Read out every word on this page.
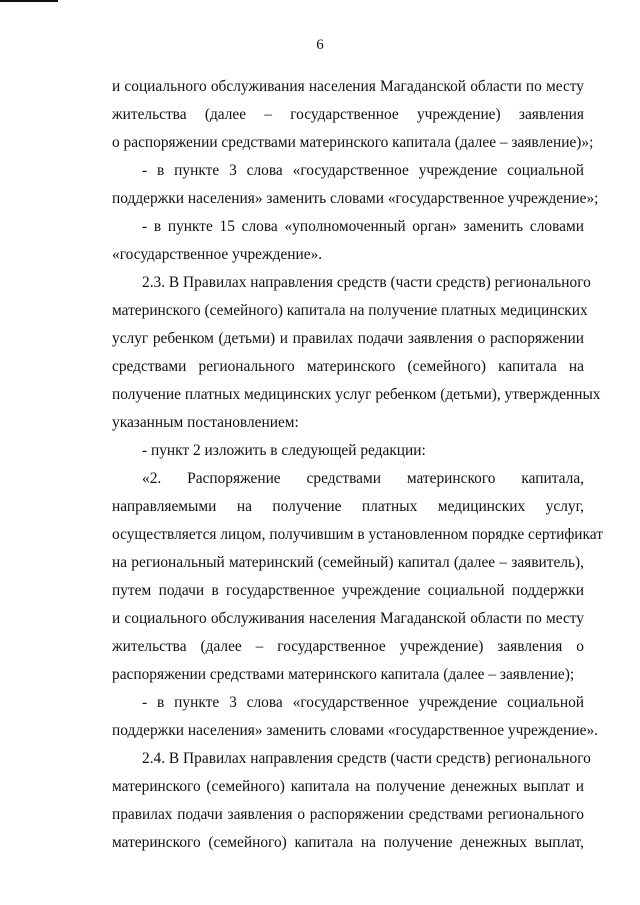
6
и социального обслуживания населения Магаданской области по месту
жительства (далее – государственное учреждение) заявления
о распоряжении средствами материнского капитала (далее – заявление)»;
- в пункте 3 слова «государственное учреждение социальной
поддержки населения» заменить словами «государственное учреждение»;
- в пункте 15 слова «уполномоченный орган» заменить словами
«государственное учреждение».
2.3. В Правилах направления средств (части средств) регионального
материнского (семейного) капитала на получение платных медицинских
услуг ребенком (детьми) и правилах подачи заявления о распоряжении
средствами регионального материнского (семейного) капитала на
получение платных медицинских услуг ребенком (детьми), утвержденных
указанным постановлением:
- пункт 2 изложить в следующей редакции:
«2. Распоряжение средствами материнского капитала,
направляемыми на получение платных медицинских услуг,
осуществляется лицом, получившим в установленном порядке сертификат
на региональный материнский (семейный) капитал (далее – заявитель),
путем подачи в государственное учреждение социальной поддержки
и социального обслуживания населения Магаданской области по месту
жительства (далее – государственное учреждение) заявления о
распоряжении средствами материнского капитала (далее – заявление);
- в пункте 3 слова «государственное учреждение социальной
поддержки населения» заменить словами «государственное учреждение».
2.4. В Правилах направления средств (части средств) регионального
материнского (семейного) капитала на получение денежных выплат и
правилах подачи заявления о распоряжении средствами регионального
материнского (семейного) капитала на получение денежных выплат,
